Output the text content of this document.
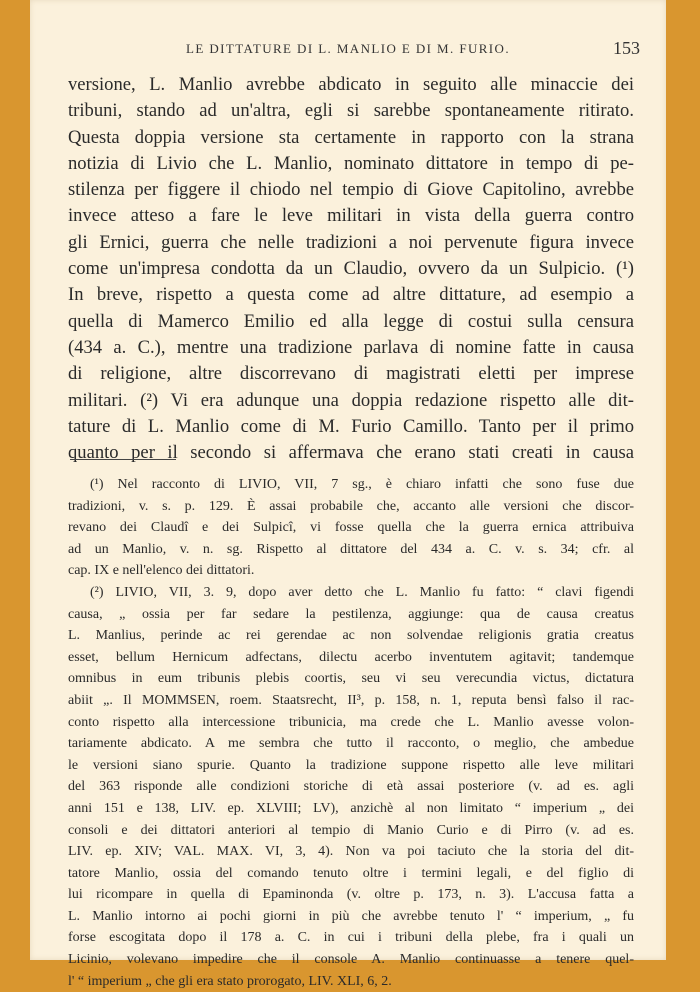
LE DITTATURE DI L. MANLIO E DI M. FURIO.	153
versione, L. Manlio avrebbe abdicato in seguito alle minaccie dei
tribuni, stando ad un'altra, egli si sarebbe spontaneamente ritirato.
Questa doppia versione sta certamente in rapporto con la strana
notizia di Livio che L. Manlio, nominato dittatore in tempo di pe-
stilenza per figgere il chiodo nel tempio di Giove Capitolino, avrebbe
invece atteso a fare le leve militari in vista della guerra contro
gli Ernici, guerra che nelle tradizioni a noi pervenute figura invece
come un'impresa condotta da un Claudio, ovvero da un Sulpicio. (¹)
In breve, rispetto a questa come ad altre dittature, ad esempio a
quella di Mamerco Emilio ed alla legge di costui sulla censura
(434 a. C.), mentre una tradizione parlava di nomine fatte in causa
di religione, altre discorrevano di magistrati eletti per imprese
militari. (²) Vi era adunque una doppia redazione rispetto alle dit-
tature di L. Manlio come di M. Furio Camillo. Tanto per il primo
quanto per il secondo si affermava che erano stati creati in causa
(¹) Nel racconto di LIVIO, VII, 7 sg., è chiaro infatti che sono fuse due
tradizioni, v. s. p. 129. È assai probabile che, accanto alle versioni che discor-
revano dei Claudî e dei Sulpicî, vi fosse quella che la guerra ernica attribuiva
ad un Manlio, v. n. sg. Rispetto al dittatore del 434 a. C. v. s. 34; cfr. al
cap. IX e nell'elenco dei dittatori.
(²) LIVIO, VII, 3. 9, dopo aver detto che L. Manlio fu fatto: “ clavi figendi
causa, „ ossia per far sedare la pestilenza, aggiunge: qua de causa creatus
L. Manlius, perinde ac rei gerendae ac non solvendae religionis gratia creatus
esset, bellum Hernicum adfectans, dilectu acerbo inventutem agitavit; tandemque
omnibus in eum tribunis plebis coortis, seu vi seu verecundia victus, dictatura
abiit „. Il MOMMSEN, roem. Staatsrecht, II³, p. 158, n. 1, reputa bensì falso il rac-
conto rispetto alla intercessione tribunicia, ma crede che L. Manlio avesse volon-
tariamente abdicato. A me sembra che tutto il racconto, o meglio, che ambedue
le versioni siano spurie. Quanto la tradizione suppone rispetto alle leve militari
del 363 risponde alle condizioni storiche di età assai posteriore (v. ad es. agli
anni 151 e 138, LIV. ep. XLVIII; LV), anzichè al non limitato “ imperium „ dei
consoli e dei dittatori anteriori al tempio di Manio Curio e di Pirro (v. ad es.
LIV. ep. XIV; VAL. MAX. VI, 3, 4). Non va poi taciuto che la storia del dit-
tatore Manlio, ossia del comando tenuto oltre i termini legali, e del figlio di
lui ricompare in quella di Epaminonda (v. oltre p. 173, n. 3). L'accusa fatta a
L. Manlio intorno ai pochi giorni in più che avrebbe tenuto l' “ imperium, „ fu
forse escogitata dopo il 178 a. C. in cui i tribuni della plebe, fra i quali un
Licinio, volevano impedire che il console A. Manlio continuasse a tenere quel-
l' “ imperium „ che gli era stato prorogato, LIV. XLI, 6, 2.
